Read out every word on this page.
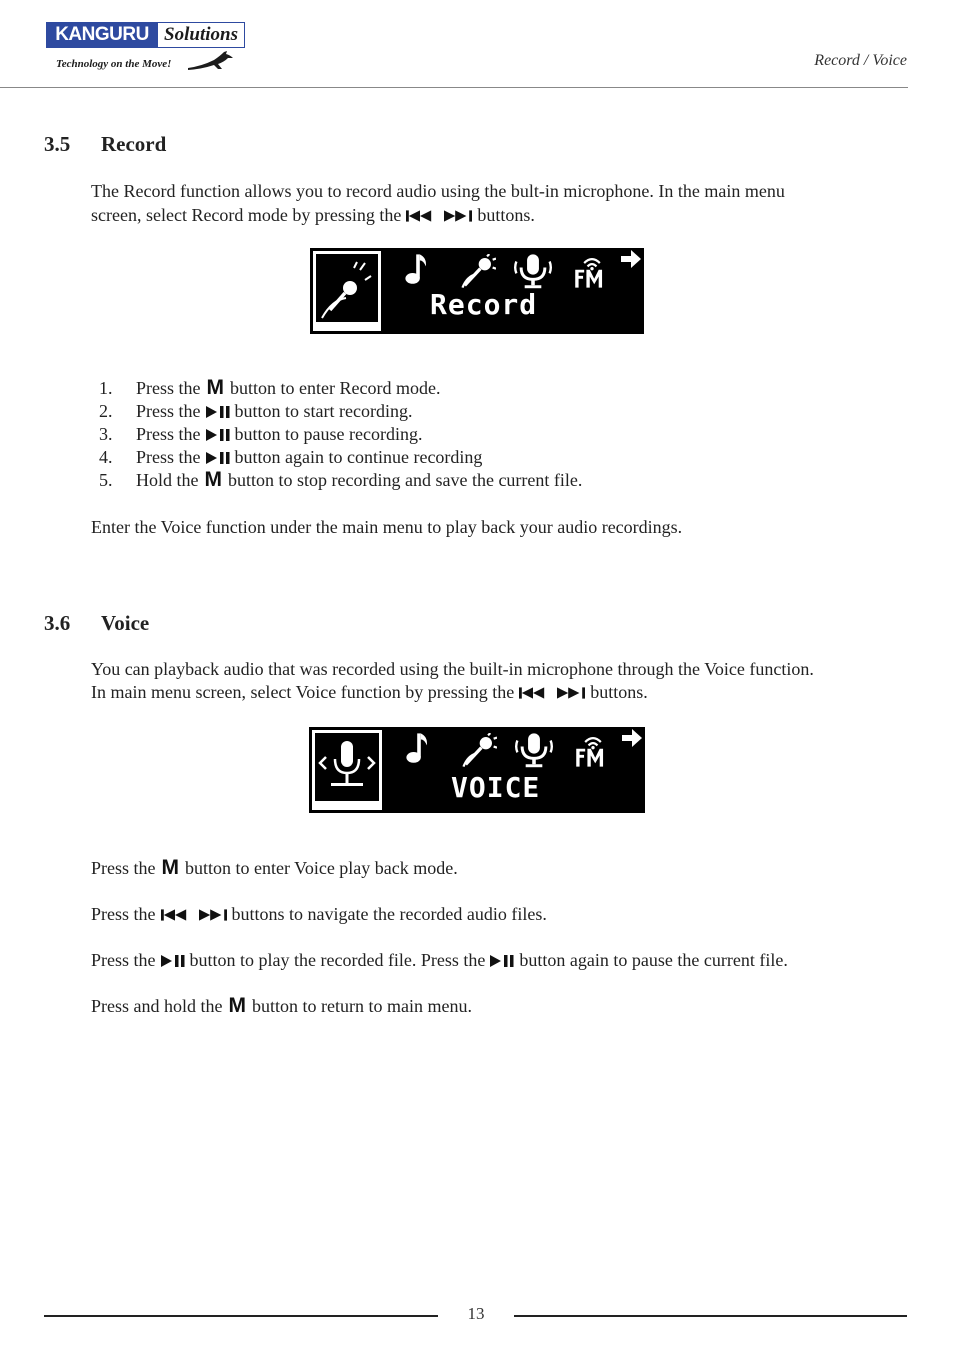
KANGURU Solutions
Technology on the Move!	Record / Voice
3.5 Record
The Record function allows you to record audio using the bult-in microphone. In the main menu
screen, select Record mode by pressing the	buttons.
Record
1. Press the M button to enter Record mode.
2. Press the button to start recording.
3. Press the button to pause recording.
4. Press the button again to continue recording
5. Hold the M button to stop recording and save the current file.
Enter the Voice function under the main menu to play back your audio recordings.
3.6 Voice
You can playback audio that was recorded using the built-in microphone through the Voice function.
In main menu screen, select Voice function by pressing the	buttons.
VOICE
Press the M button to enter Voice play back mode.
Press the	buttons to navigate the recorded audio files.
Press the button to play the recorded file. Press the button again to pause the current file.
Press and hold the M button to return to main menu.
13
